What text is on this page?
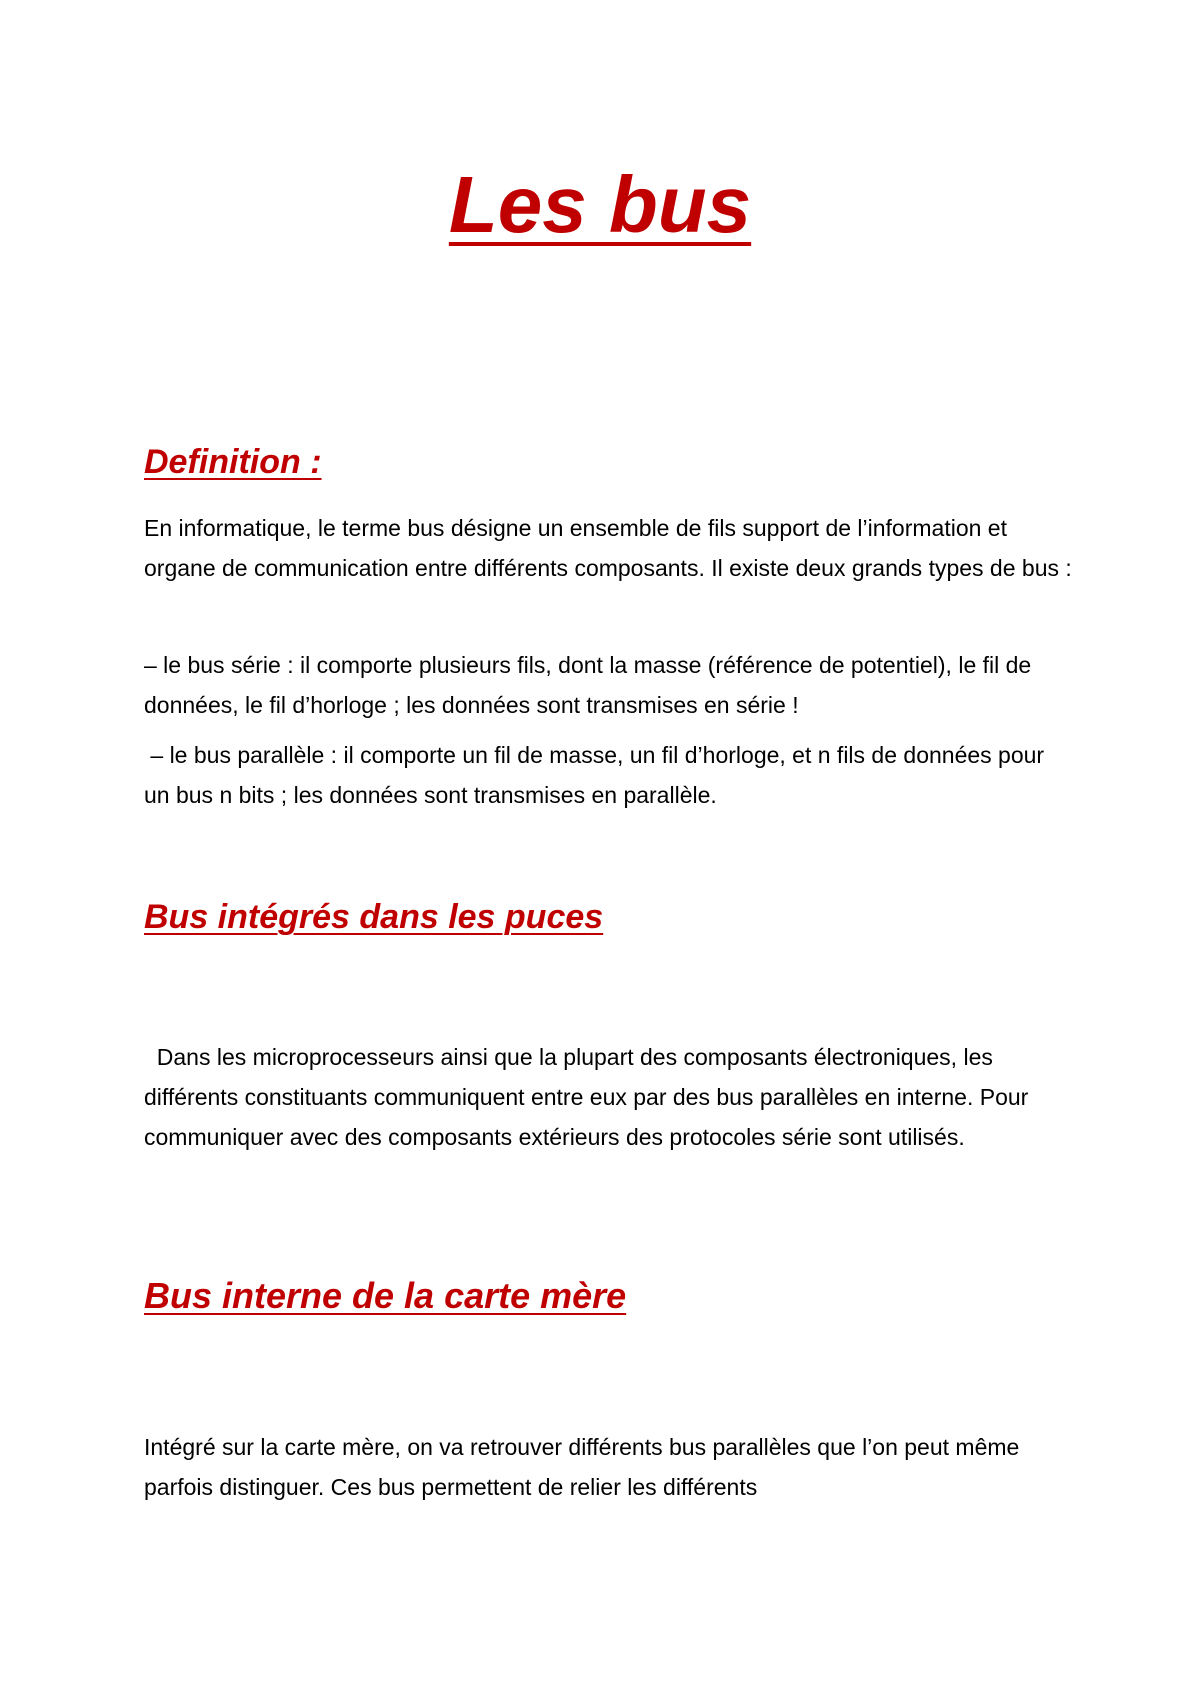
Les bus
Definition :

En informatique, le terme bus désigne un ensemble de fils support de l’information et organe de communication entre différents composants. Il existe deux grands types de bus :

– le bus série : il comporte plusieurs fils, dont la masse (référence de potentiel), le fil de données, le fil d’horloge ; les données sont transmises en série !

– le bus parallèle : il comporte un fil de masse, un fil d’horloge, et n fils de données pour un bus n bits ; les données sont transmises en parallèle.

Bus intégrés dans les puces

Dans les microprocesseurs ainsi que la plupart des composants électroniques, les différents constituants communiquent entre eux par des bus parallèles en interne. Pour communiquer avec des composants extérieurs des protocoles série sont utilisés.

Bus interne de la carte mère

Intégré sur la carte mère, on va retrouver différents bus parallèles que l’on peut même parfois distinguer. Ces bus permettent de relier les différents
